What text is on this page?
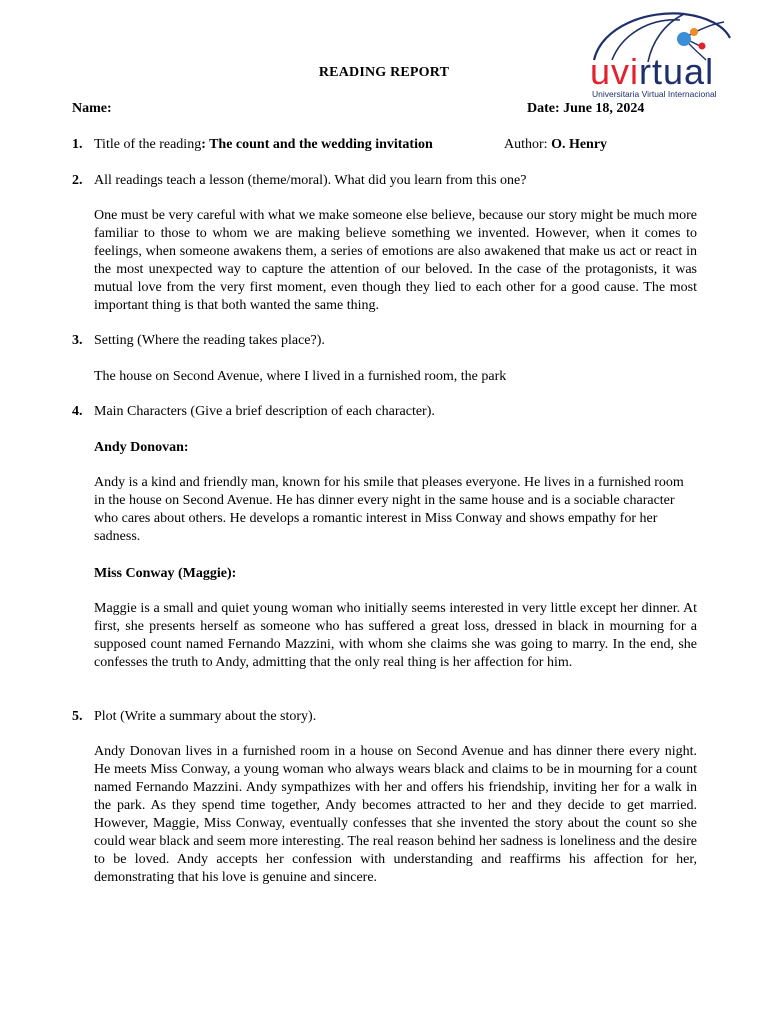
uvirtual
Universitaria Virtual Internacional
READING REPORT
Name:	Date: June 18, 2024
1. Title of the reading: The count and the wedding invitation	Author: O. Henry
2. All readings teach a lesson (theme/moral). What did you learn from this one?

One must be very careful with what we make someone else believe, because our story might be much more familiar to those to whom we are making believe something we invented. However, when it comes to feelings, when someone awakens them, a series of emotions are also awakened that make us act or react in the most unexpected way to capture the attention of our beloved. In the case of the protagonists, it was mutual love from the very first moment, even though they lied to each other for a good cause. The most important thing is that both wanted the same thing.

3. Setting (Where the reading takes place?).
The house on Second Avenue, where I lived in a furnished room, the park
4. Main Characters (Give a brief description of each character).
Andy Donovan:

Andy is a kind and friendly man, known for his smile that pleases everyone. He lives in a furnished room in the house on Second Avenue. He has dinner every night in the same house and is a sociable character who cares about others. He develops a romantic interest in Miss Conway and shows empathy for her sadness.

Miss Conway (Maggie):

Maggie is a small and quiet young woman who initially seems interested in very little except her dinner. At first, she presents herself as someone who has suffered a great loss, dressed in black in mourning for a supposed count named Fernando Mazzini, with whom she claims she was going to marry. In the end, she confesses the truth to Andy, admitting that the only real thing is her affection for him.

5. Plot (Write a summary about the story).

Andy Donovan lives in a furnished room in a house on Second Avenue and has dinner there every night. He meets Miss Conway, a young woman who always wears black and claims to be in mourning for a count named Fernando Mazzini. Andy sympathizes with her and offers his friendship, inviting her for a walk in the park. As they spend time together, Andy becomes attracted to her and they decide to get married. However, Maggie, Miss Conway, eventually confesses that she invented the story about the count so she could wear black and seem more interesting. The real reason behind her sadness is loneliness and the desire to be loved. Andy accepts her confession with understanding and reaffirms his affection for her, demonstrating that his love is genuine and sincere.
